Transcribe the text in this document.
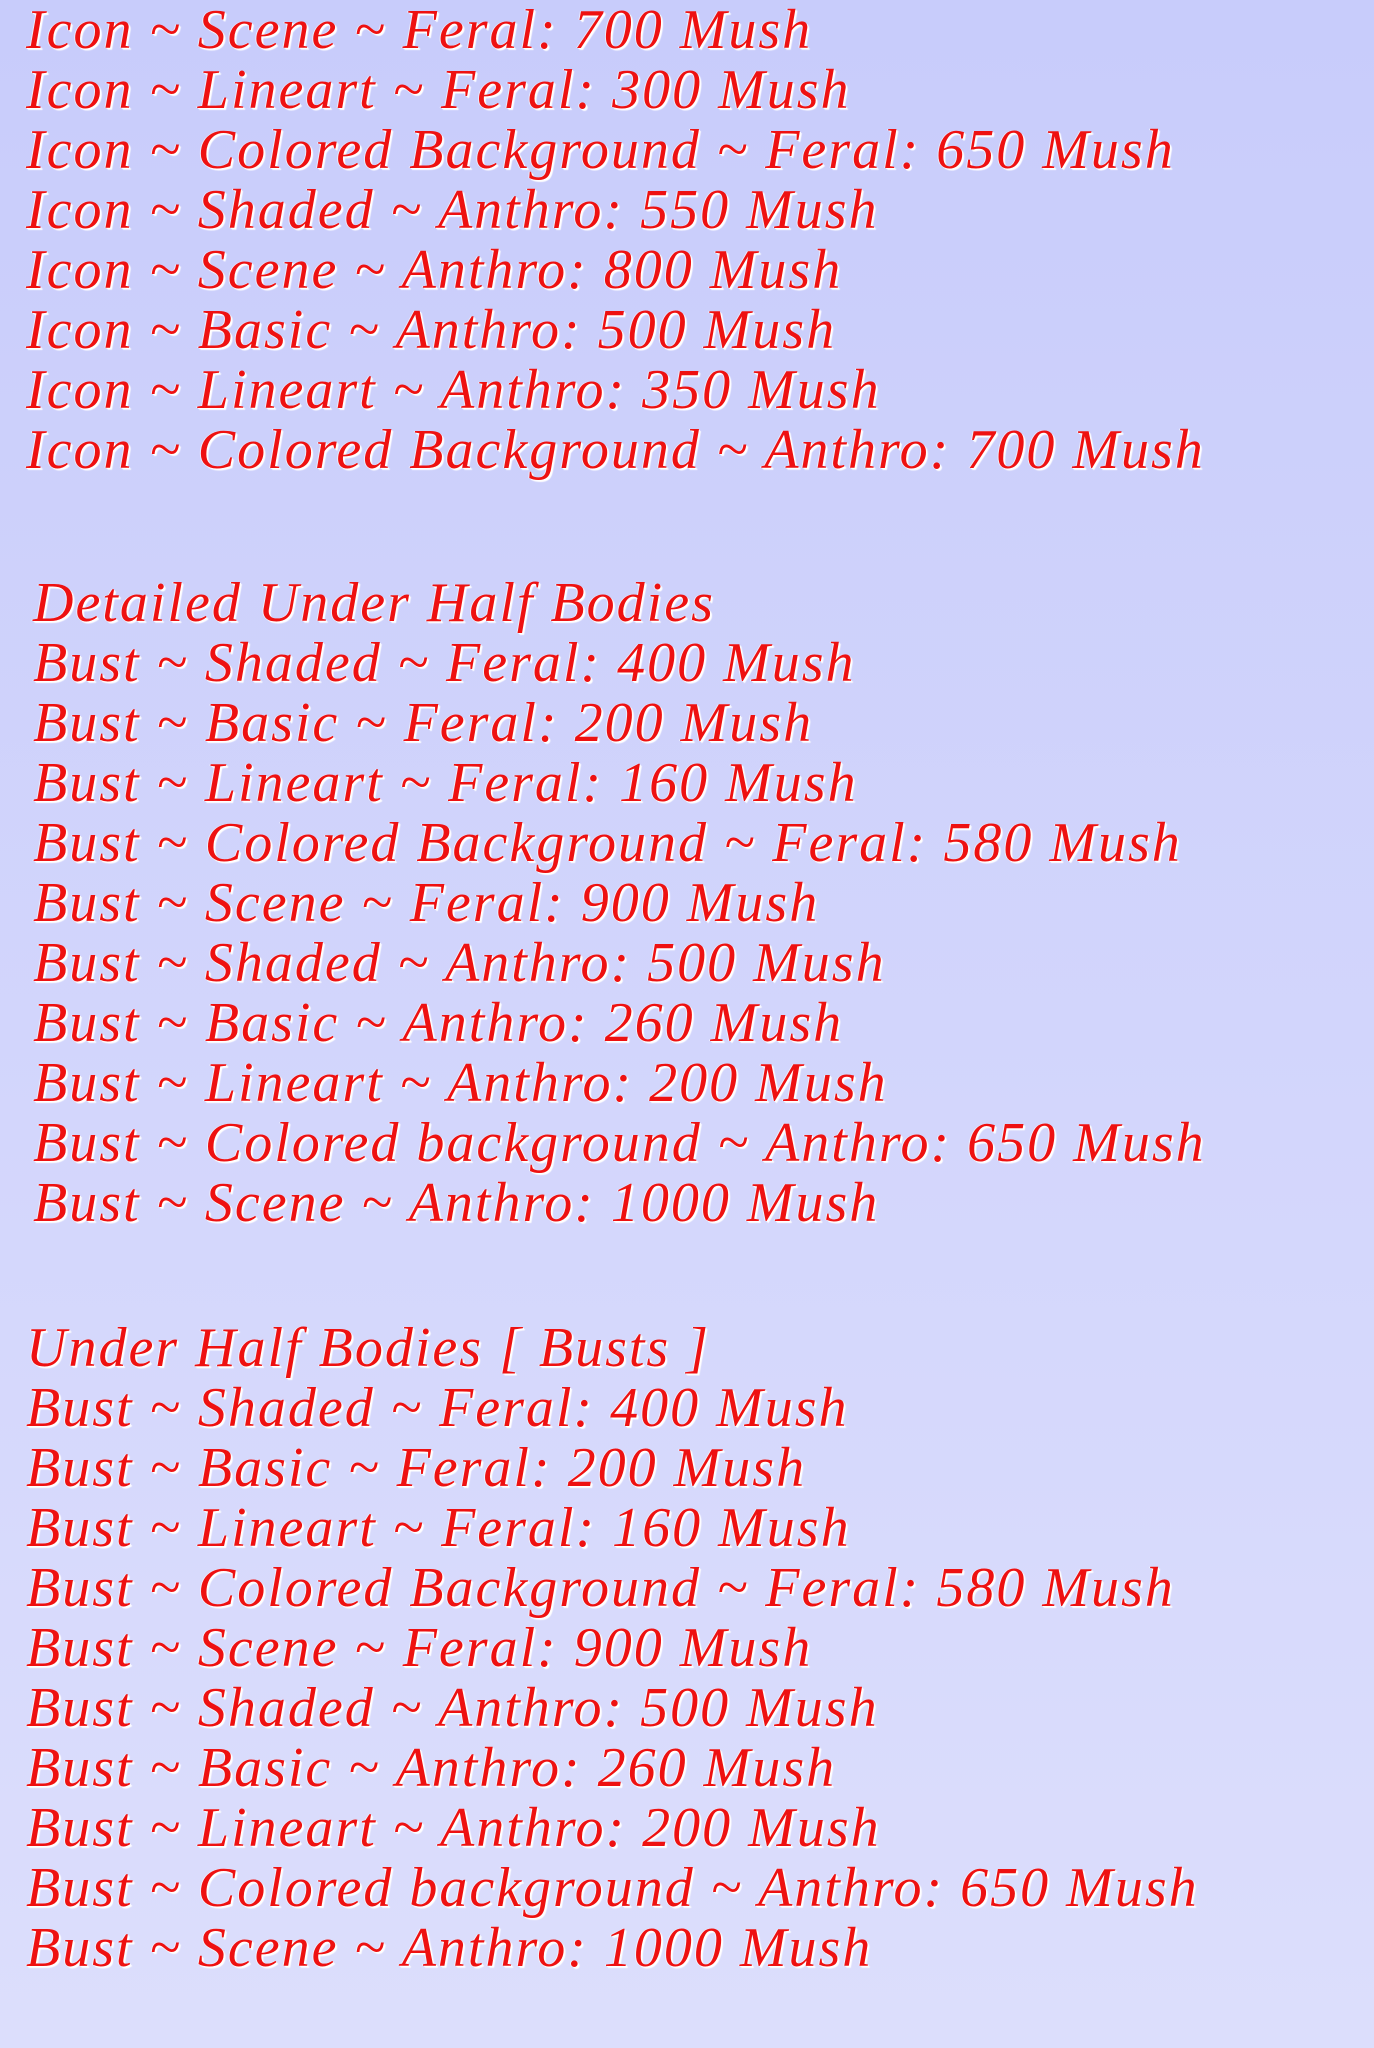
Icon ~ Scene ~ Feral: 700 Mush
Icon ~ Lineart ~ Feral: 300 Mush
Icon ~ Colored Background ~ Feral: 650 Mush
Icon ~ Shaded ~ Anthro: 550 Mush
Icon ~ Scene ~ Anthro: 800 Mush
Icon ~ Basic ~ Anthro: 500 Mush
Icon ~ Lineart ~ Anthro: 350 Mush
Icon ~ Colored Background ~ Anthro: 700 Mush
Detailed Under Half Bodies
Bust ~ Shaded ~ Feral: 400 Mush
Bust ~ Basic ~ Feral: 200 Mush
Bust ~ Lineart ~ Feral: 160 Mush
Bust ~ Colored Background ~ Feral: 580 Mush
Bust ~ Scene ~ Feral: 900 Mush
Bust ~ Shaded ~ Anthro: 500 Mush
Bust ~ Basic ~ Anthro: 260 Mush
Bust ~ Lineart ~ Anthro: 200 Mush
Bust ~ Colored background ~ Anthro: 650 Mush
Bust ~ Scene ~ Anthro: 1000 Mush
Under Half Bodies [ Busts ]
Bust ~ Shaded ~ Feral: 400 Mush
Bust ~ Basic ~ Feral: 200 Mush
Bust ~ Lineart ~ Feral: 160 Mush
Bust ~ Colored Background ~ Feral: 580 Mush
Bust ~ Scene ~ Feral: 900 Mush
Bust ~ Shaded ~ Anthro: 500 Mush
Bust ~ Basic ~ Anthro: 260 Mush
Bust ~ Lineart ~ Anthro: 200 Mush
Bust ~ Colored background ~ Anthro: 650 Mush
Bust ~ Scene ~ Anthro: 1000 Mush
